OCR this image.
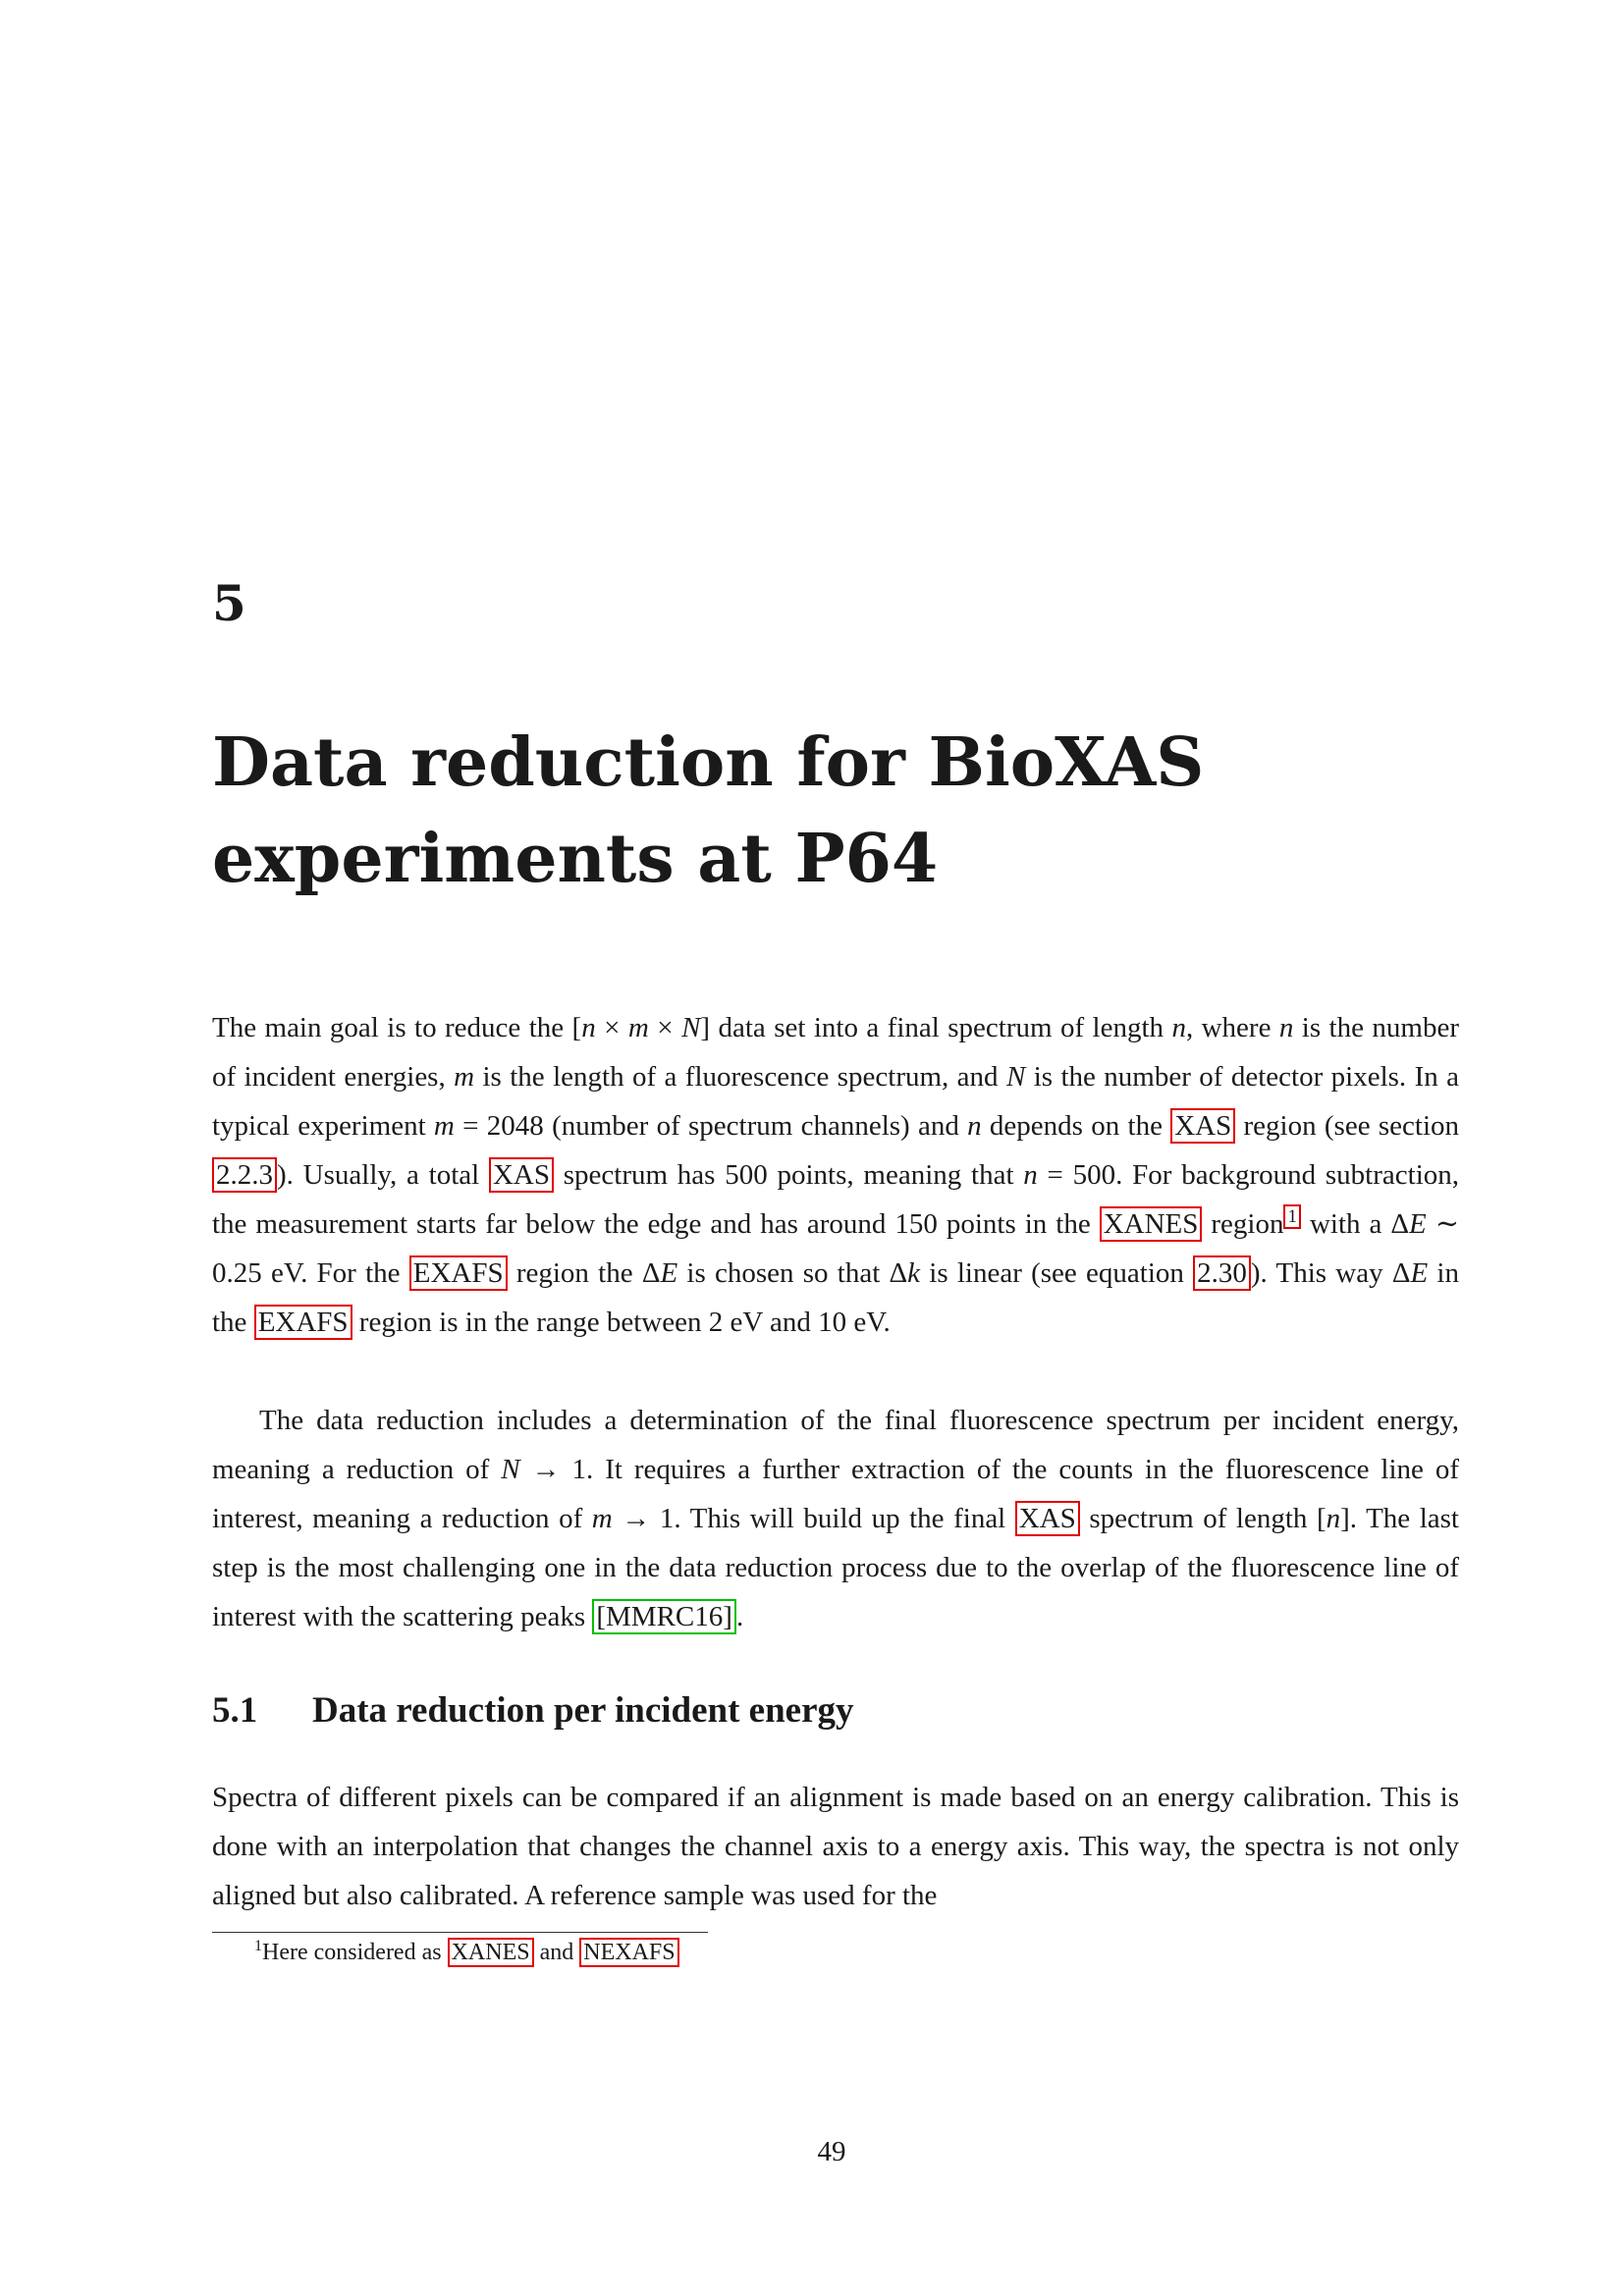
5
Data reduction for BioXAS
experiments at P64

The main goal is to reduce the [n × m × N] data set into a final spectrum of length n, where n is the number of incident energies, m is the length of a fluorescence spectrum, and N is the number of detector pixels. In a typical experiment m = 2048 (number of spectrum channels) and n depends on the XAS region (see section 2.2.3 ). Usually, a total XAS spectrum has 500 points, meaning that n = 500. For background subtraction, the measurement starts far below the edge and has around 150 points in the XANES region $^1$ with a ΔE ∼ 0.25 eV. For the EXAFS region the ΔE is chosen so that Δk is linear (see equation 2.30 ). This way ΔE in the EXAFS region is in the range between 2 eV and 10 eV.

The data reduction includes a determination of the final fluorescence spectrum per incident energy, meaning a reduction of N → 1. It requires a further extraction of the counts in the fluorescence line of interest, meaning a reduction of m → 1. This will build up the final XAS spectrum of length [n]. The last step is the most challenging one in the data reduction process due to the overlap of the fluorescence line of interest with the scattering peaks [MMRC16] .

5.1 Data reduction per incident energy

Spectra of different pixels can be compared if an alignment is made based on an energy calibration. This is done with an interpolation that changes the channel axis to a energy axis. This way, the spectra is not only aligned but also calibrated. A reference sample was used for the

$^1$Here considered as XANES and NEXAFS

49
